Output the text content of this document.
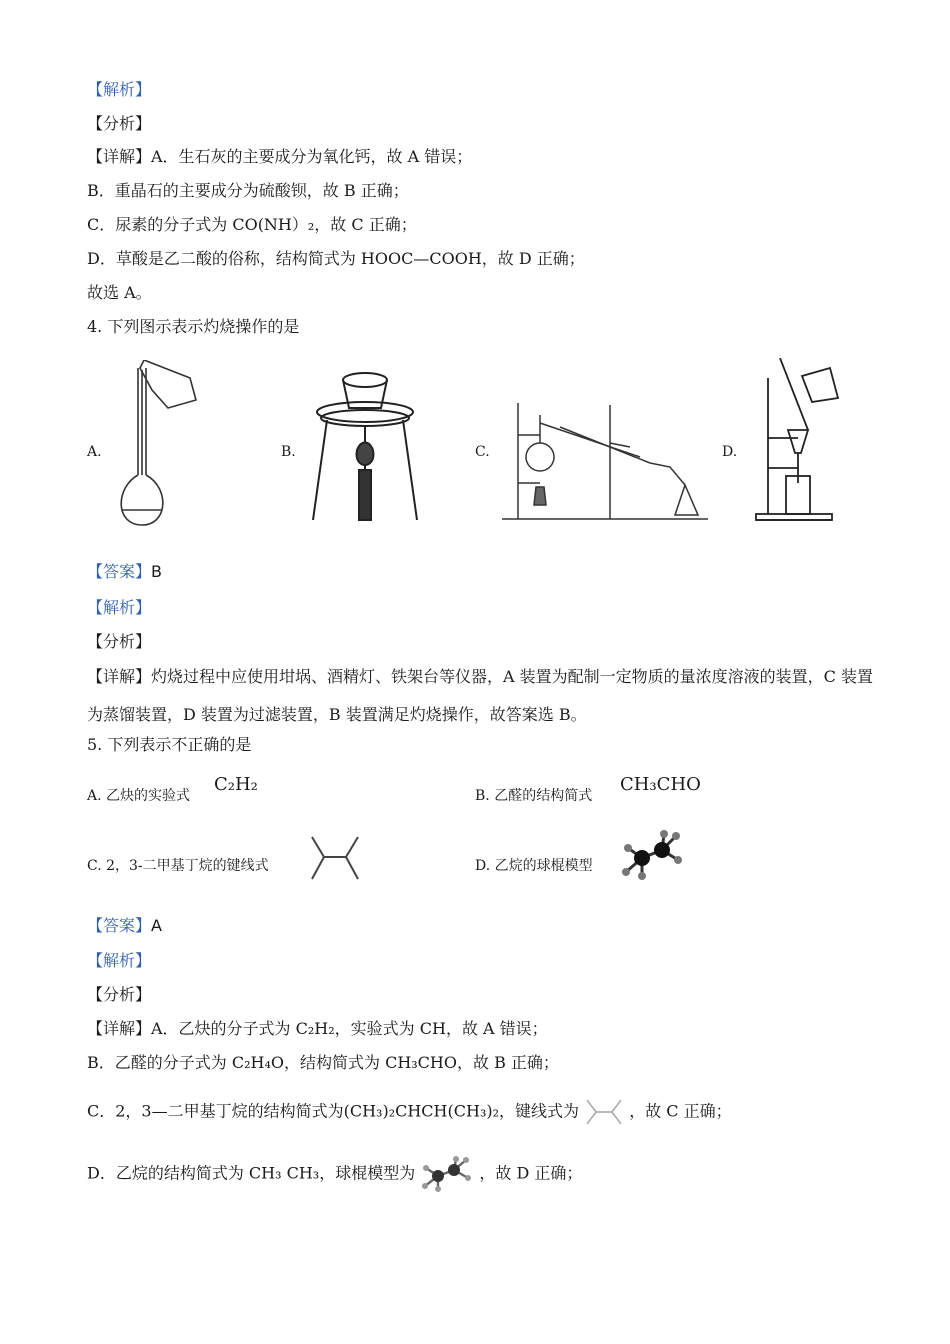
【解析】
【分析】
【详解】A．生石灰的主要成分为氧化钙，故 A 错误；
B．重晶石的主要成分为硫酸钡，故 B 正确；
C．尿素的分子式为 CO(NH）₂，故 C 正确；
D．草酸是乙二酸的俗称，结构简式为 HOOC—COOH，故 D 正确；
故选 A。
4. 下列图示表示灼烧操作的是
A.	B.	C.	D.
【答案】B
【解析】
【分析】
【详解】灼烧过程中应使用坩埚、酒精灯、铁架台等仪器，A 装置为配制一定物质的量浓度溶液的装置，C 装置为蒸馏装置，D 装置为过滤装置，B 装置满足灼烧操作，故答案选 B。
5. 下列表示不正确的是
A. 乙炔的实验式
C₂H₂
B. 乙醛的结构简式
CH₃CHO
C. 2，3-二甲基丁烷的键线式	D. 乙烷的球棍模型
【答案】A
【解析】
【分析】
【详解】A．乙炔的分子式为 C₂H₂，实验式为 CH，故 A 错误；
B．乙醛的分子式为 C₂H₄O，结构简式为 CH₃CHO，故 B 正确；
C．2，3—二甲基丁烷的结构简式为(CH₃)₂CHCH(CH₃)₂，键线式为	，故 C 正确；
D．乙烷的结构简式为 CH₃ CH₃，球棍模型为	，故 D 正确；
